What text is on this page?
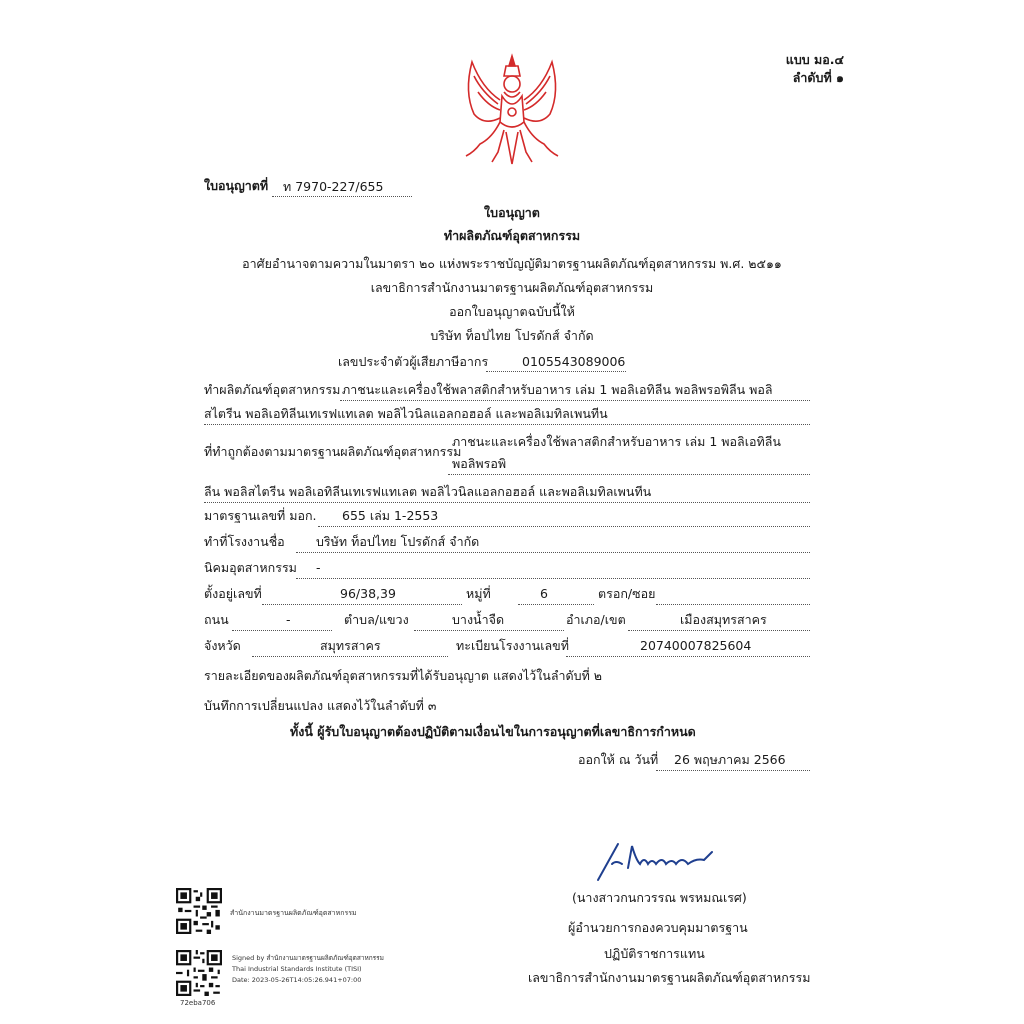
แบบ มอ.๔
ลำดับที่ ๑
ใบอนุญาตที่ ท 7970-227/655
ใบอนุญาต
ทำผลิตภัณฑ์อุตสาหกรรม
อาศัยอำนาจตามความในมาตรา ๒๐ แห่งพระราชบัญญัติมาตรฐานผลิตภัณฑ์อุตสาหกรรม พ.ศ. ๒๕๑๑
เลขาธิการสำนักงานมาตรฐานผลิตภัณฑ์อุตสาหกรรม
ออกใบอนุญาตฉบับนี้ให้
บริษัท ท็อปไทย โปรดักส์ จำกัด
เลขประจำตัวผู้เสียภาษีอากร	0105543089006
ทำผลิตภัณฑ์อุตสาหกรรม ภาชนะและเครื่องใช้พลาสติกสำหรับอาหาร เล่ม 1 พอลิเอทิลีน พอลิพรอพิลีน พอลิ
สไตรีน พอลิเอทิลีนเทเรฟแทเลต พอลิไวนิลแอลกอฮอล์ และพอลิเมทิลเพนทีน
ที่ทำถูกต้องตามมาตรฐานผลิตภัณฑ์อุตสาหกรรม
ภาชนะและเครื่องใช้พลาสติกสำหรับอาหาร เล่ม 1 พอลิเอทิลีน
พอลิพรอพิ
ลีน พอลิสไตรีน พอลิเอทิลีนเทเรฟแทเลต พอลิไวนิลแอลกอฮอล์ และพอลิเมทิลเพนทีน
มาตรฐานเลขที่ มอก. 655 เล่ม 1-2553
ทำที่โรงงานชื่อ	บริษัท ท็อปไทย โปรดักส์ จำกัด
นิคมอุตสาหกรรม -
ตั้งอยู่เลขที่	96/38,39	หมู่ที่	6	ตรอก/ซอย
ถนน	-	ตำบล/แขวง	บางน้ำจืด	อำเภอ/เขต	เมืองสมุทรสาคร
จังหวัด	สมุทรสาคร	ทะเบียนโรงงานเลขที่	20740007825604
รายละเอียดของผลิตภัณฑ์อุตสาหกรรมที่ได้รับอนุญาต แสดงไว้ในลำดับที่ ๒
บันทึกการเปลี่ยนแปลง แสดงไว้ในลำดับที่ ๓
ทั้งนี้ ผู้รับใบอนุญาตต้องปฏิบัติตามเงื่อนไขในการอนุญาตที่เลขาธิการกำหนด
ออกให้ ณ วันที่ 26 พฤษภาคม 2566
(นางสาวกนกวรรณ พรหมณเรศ)
ผู้อำนวยการกองควบคุมมาตรฐาน
ปฏิบัติราชการแทน
เลขาธิการสำนักงานมาตรฐานผลิตภัณฑ์อุตสาหกรรม
สำนักงานมาตรฐานผลิตภัณฑ์อุตสาหกรรม
Signed by สำนักงานมาตรฐานผลิตภัณฑ์อุตสาหกรรม
Thai Industrial Standards Institute (TISI)
Date: 2023-05-26T14:05:26.941+07:00
72eba706
